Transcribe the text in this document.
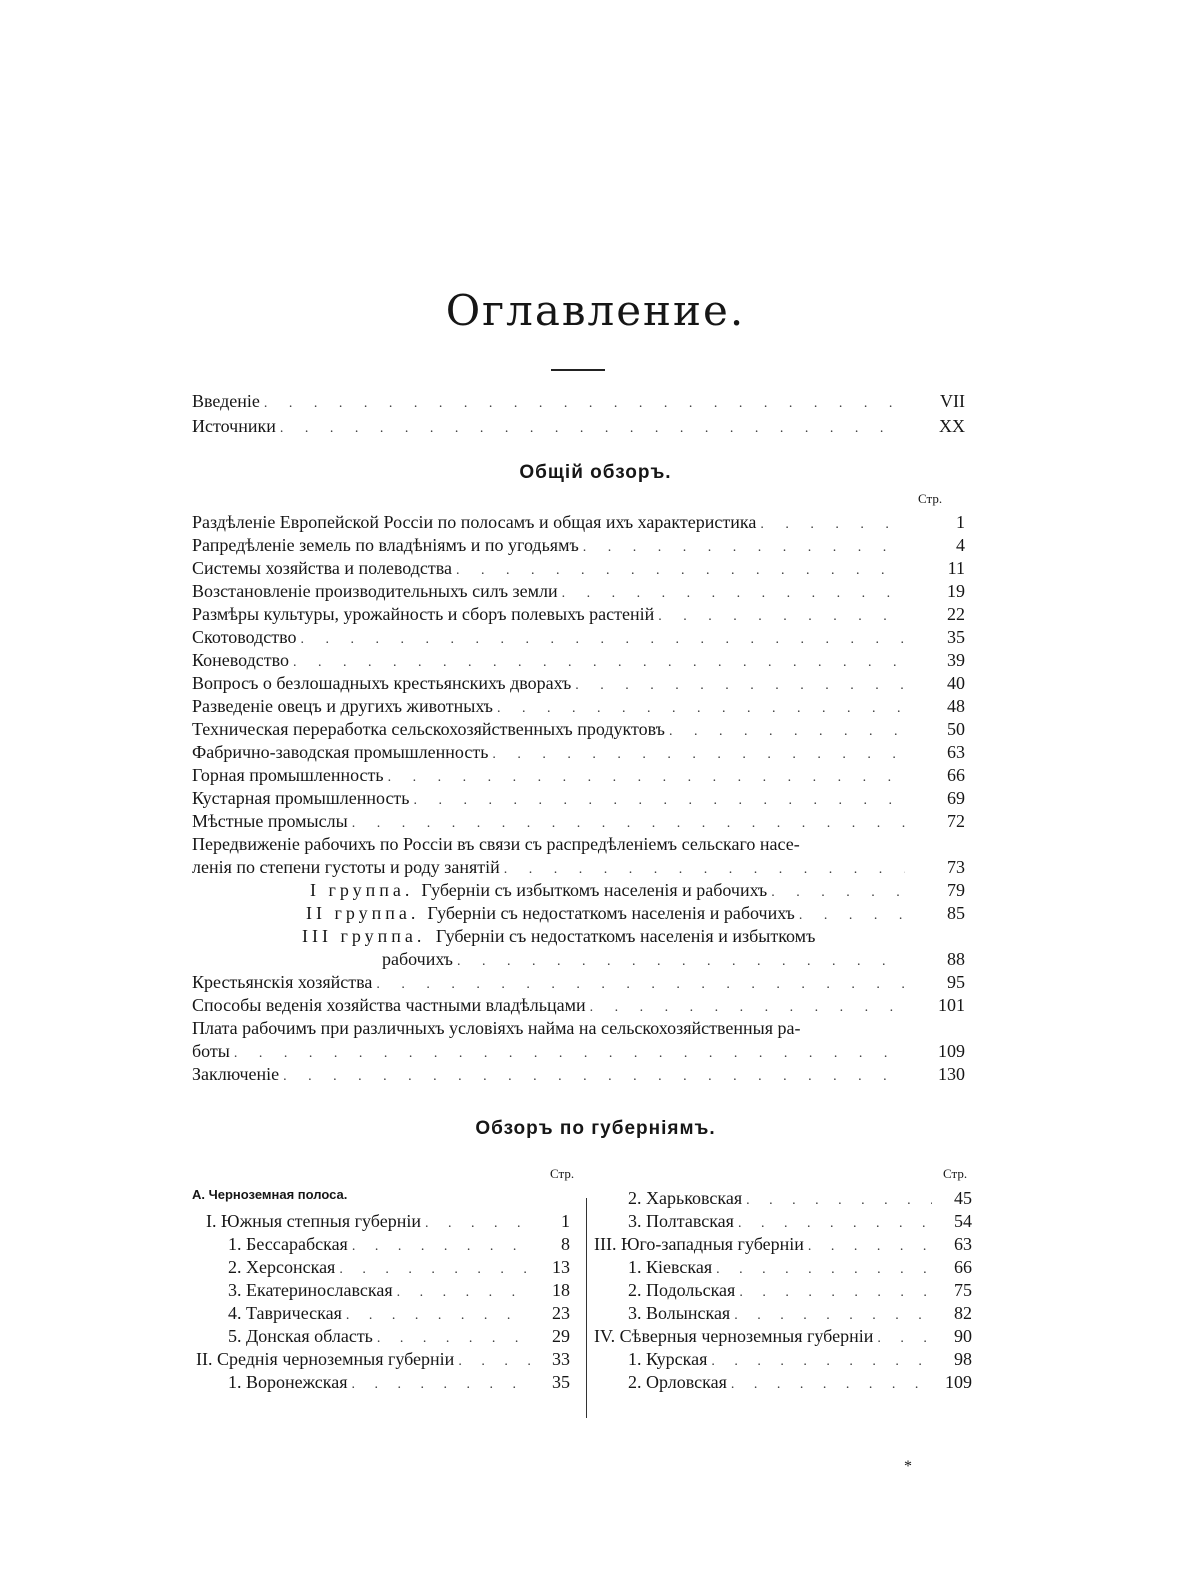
Оглавление.
Введеніе . . .	VII
Источники . . .	XX
Общій обзоръ.
Стр.
Раздѣленіе Европейской Россіи по полосамъ и общая ихъ характеристика . . .	1
Рапредѣленіе земель по владѣніямъ и по угодьямъ . . .	4
Системы хозяйства и полеводства . . .	11
Возстановленіе производительныхъ силъ земли . . .	19
Размѣры культуры, урожайность и сборъ полевыхъ растеній . . .	22
Скотоводство . . .	35
Коневодство . . .	39
Вопросъ о безлошадныхъ крестьянскихъ дворахъ . . .	40
Разведеніе овецъ и другихъ животныхъ . . .	48
Техническая переработка сельскохозяйственныхъ продуктовъ . . .	50
Фабрично-заводская промышленность . . .	63
Горная промышленность . . .	66
Кустарная промышленность . . .	69
Мѣстные промыслы . . .	72
Передвиженіе рабочихъ по Россіи въ связи съ распредѣленіемъ сельскаго насе-
ленія по степени густоты и роду занятій . . .	73
I группа. Губерніи съ избыткомъ населенія и рабочихъ . . .	79
II группа. Губерніи съ недостаткомъ населенія и рабочихъ . . .	85
III группа. Губерніи съ недостаткомъ населенія и избыткомъ
рабочихъ . . .	88
Крестьянскія хозяйства . . .	95
Способы веденія хозяйства частными владѣльцами . . .	101
Плата рабочимъ при различныхъ условіяхъ найма на сельскохозяйственныя ра-
боты . . .	109
Заключеніе . . .	130
Обзоръ по губерніямъ.
Стр.	Стр.
А. Черноземная полоса.
I. Южныя степныя губерніи . . .	1
1. Бессарабская . . .	8
2. Херсонская . . .	13
3. Екатеринославская . . .	18
4. Таврическая . . .	23
5. Донская область . . .	29
II. Среднія черноземныя губерніи . . .	33
1. Воронежская . . .	35
2. Харьковская . . .	45
3. Полтавская . . .	54
III. Юго-западныя губерніи . . .	63
1. Кіевская . . .	66
2. Подольская . . .	75
3. Волынская . . .	82
IV. Сѣверныя черноземныя губерніи . . .	90
1. Курская . . .	98
2. Орловская . . .	109
*
